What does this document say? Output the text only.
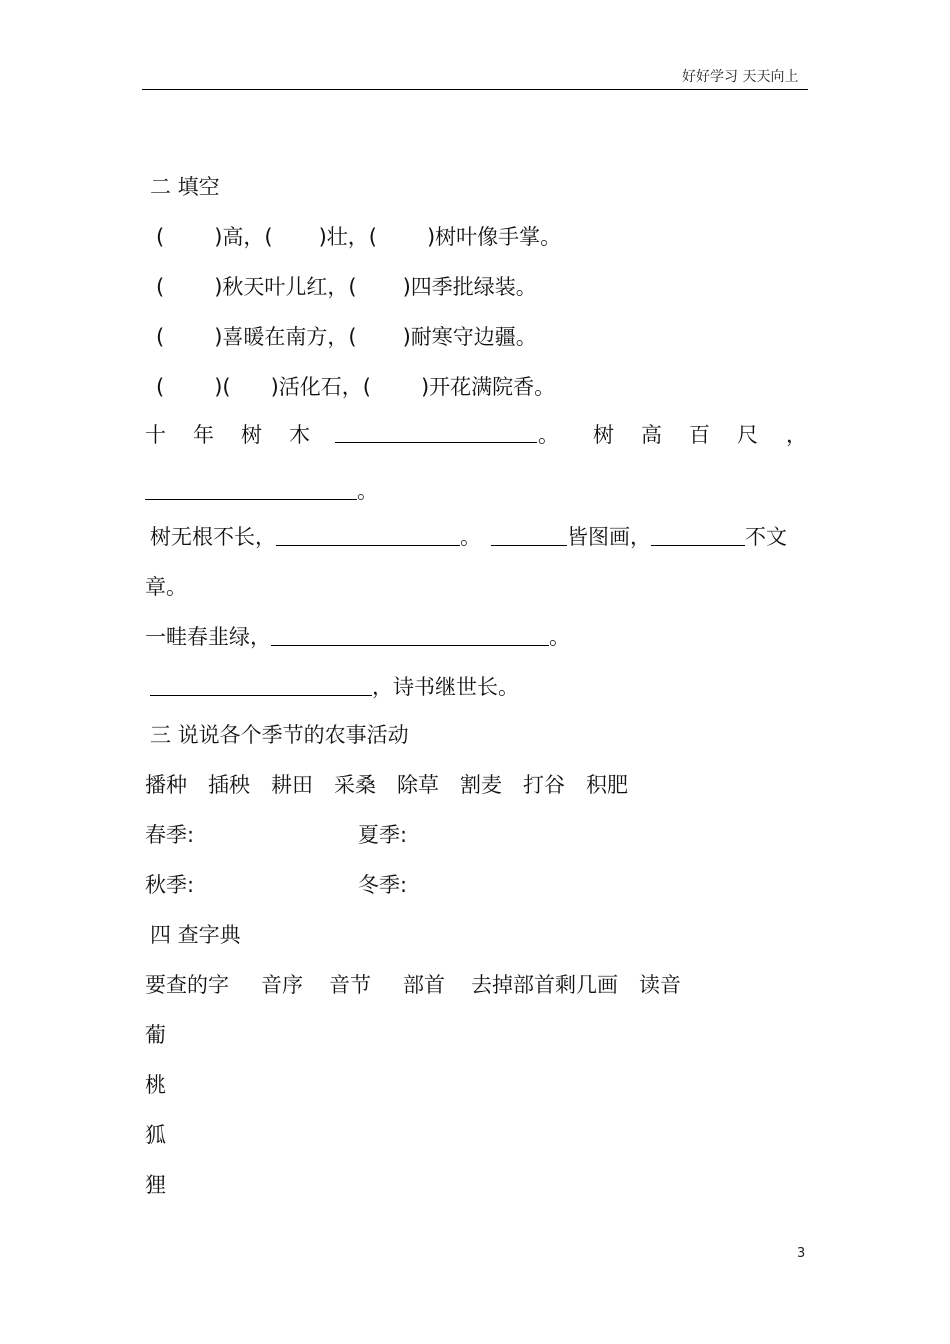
好好学习 天天向上
二 填空
( )高，( )壮，( )树叶像手掌。
( )秋天叶儿红，( )四季批绿装。
( )喜暖在南方，( )耐寒守边疆。
( )( )活化石，( )开花满院香。
十 年 树 木	。 树 高 百 尺 ，
。
树无根不长，	。	皆图画，	不文
章。
一畦春韭绿，	。
，诗书继世长。
三 说说各个季节的农事活动
播种 插秧 耕田 采桑 除草 割麦 打谷 积肥
春季:	夏季:
秋季:	冬季:
四 查字典
要查的字 音序 音节 部首 去掉部首剩几画 读音
葡
桃
狐
狸
3
